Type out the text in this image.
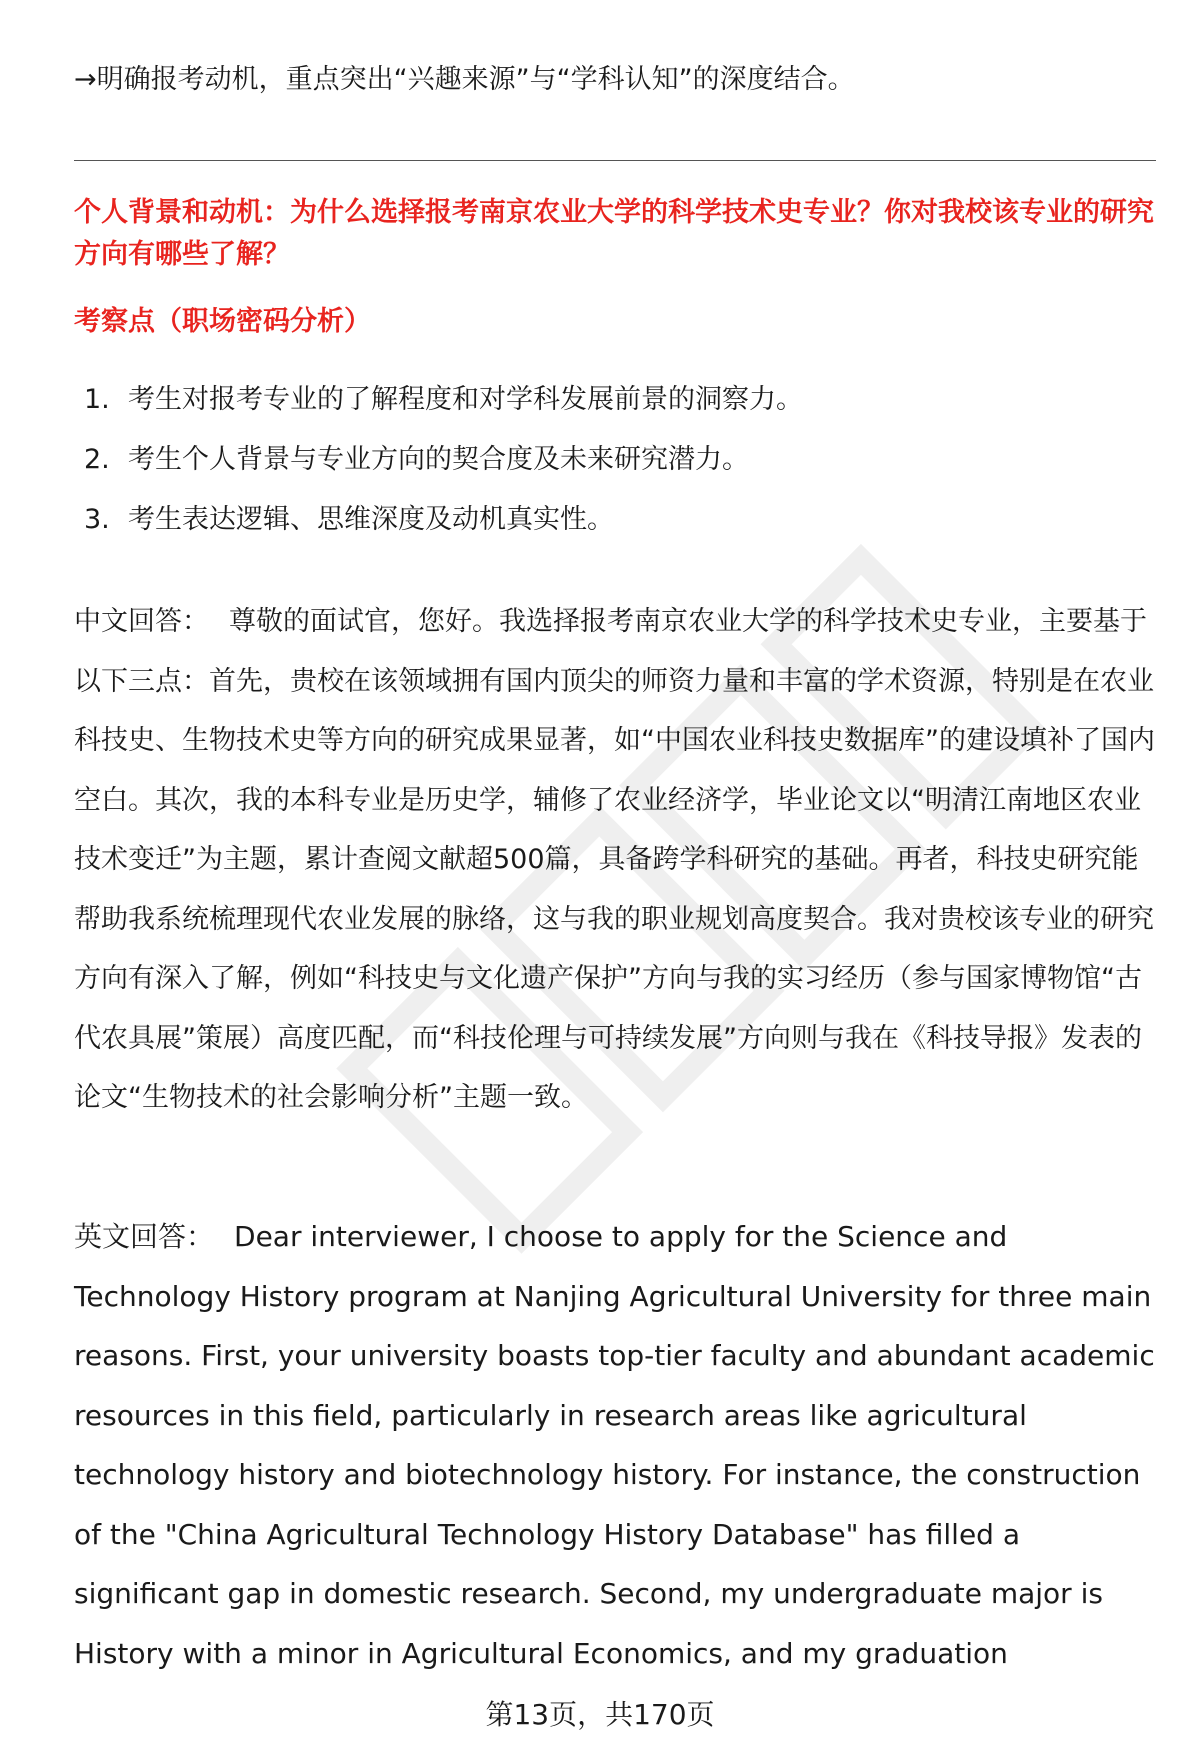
→明确报考动机，重点突出“兴趣来源”与“学科认知”的深度结合。
个人背景和动机：为什么选择报考南京农业大学的科学技术史专业？你对我校该专业的研究方向有哪些了解？
考察点（职场密码分析）
1. 考生对报考专业的了解程度和对学科发展前景的洞察力。
2. 考生个人背景与专业方向的契合度及未来研究潜力。
3. 考生表达逻辑、思维深度及动机真实性。

中文回答： 尊敬的面试官，您好。我选择报考南京农业大学的科学技术史专业，主要基于以下三点：首先，贵校在该领域拥有国内顶尖的师资力量和丰富的学术资源，特别是在农业科技史、生物技术史等方向的研究成果显著，如“中国农业科技史数据库”的建设填补了国内空白。其次，我的本科专业是历史学，辅修了农业经济学，毕业论文以“明清江南地区农业技术变迁”为主题，累计查阅文献超500篇，具备跨学科研究的基础。再者，科技史研究能帮助我系统梳理现代农业发展的脉络，这与我的职业规划高度契合。我对贵校该专业的研究方向有深入了解，例如“科技史与文化遗产保护”方向与我的实习经历（参与国家博物馆“古代农具展”策展）高度匹配，而“科技伦理与可持续发展”方向则与我在《科技导报》发表的论文“生物技术的社会影响分析”主题一致。

英文回答： Dear interviewer, I choose to apply for the Science and Technology History program at Nanjing Agricultural University for three main reasons. First, your university boasts top-tier faculty and abundant academic resources in this field, particularly in research areas like agricultural technology history and biotechnology history. For instance, the construction of the "China Agricultural Technology History Database" has filled a significant gap in domestic research. Second, my undergraduate major is History with a minor in Agricultural Economics, and my graduation

第13页，共170页
